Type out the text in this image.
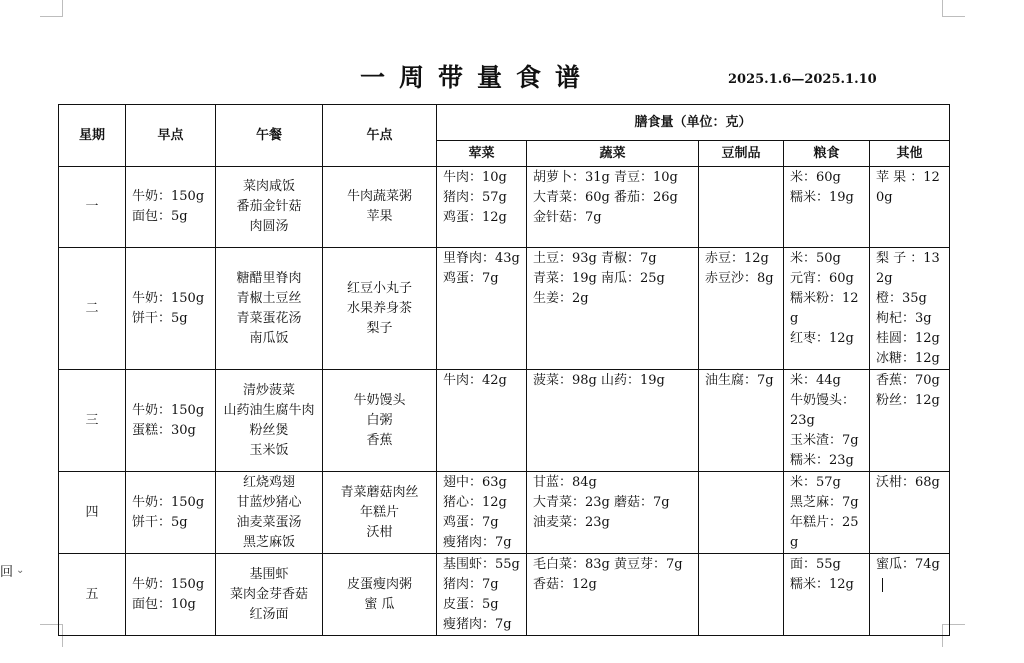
一周带量食谱	2025.1.6—2025.1.10
回 ⌄
星期	早点	午餐	午点	膳食量（单位：克）				
				荤菜	蔬菜	豆制品	粮食	其他
一	牛奶：150g
面包：5g	菜肉咸饭
番茄金针菇
肉圆汤	牛肉蔬菜粥
苹果	牛肉：10g
猪肉：57g
鸡蛋：12g	胡萝卜：31g 青豆：10g
大青菜：60g 番茄：26g
金针菇：7g		米：60g
糯米：19g	苹 果 ：120g

二	牛奶：150g
饼干：5g	糖醋里脊肉
青椒土豆丝
青菜蛋花汤
南瓜饭	红豆小丸子
水果养身茶
梨子	里脊肉：43g
鸡蛋：7g	土豆：93g 青椒：7g
青菜：19g 南瓜：25g
生姜：2g	赤豆：12g
赤豆沙：8g	米：50g
元宵：60g
糯米粉：12g
红枣：12g	梨 子 ：132g
橙：35g
枸杞：3g
桂圆：12g
冰糖：12g

三	牛奶：150g
蛋糕：30g	清炒菠菜
山药油生腐牛肉粉丝煲
玉米饭	牛奶馒头
白粥
香蕉	牛肉：42g	菠菜：98g 山药：19g	油生腐：7g	米：44g
牛奶馒头：23g
玉米渣：7g
糯米：23g	香蕉：70g
粉丝：12g

四	牛奶：150g
饼干：5g	红烧鸡翅
甘蓝炒猪心
油麦菜蛋汤
黑芝麻饭	青菜蘑菇肉丝
年糕片
沃柑	翅中：63g
猪心：12g
鸡蛋：7g
瘦猪肉：7g	甘蓝：84g
大青菜：23g 蘑菇：7g
油麦菜：23g		米：57g
黑芝麻：7g
年糕片：25g	沃柑：68g

五	牛奶：150g
面包：10g	基围虾
菜肉金芽香菇
红汤面	皮蛋瘦肉粥
蜜 瓜	基围虾：55g
猪肉：7g
皮蛋：5g
瘦猪肉：7g	毛白菜：83g 黄豆芽：7g
香菇：12g		面：55g
糯米：12g	蜜瓜：74g
